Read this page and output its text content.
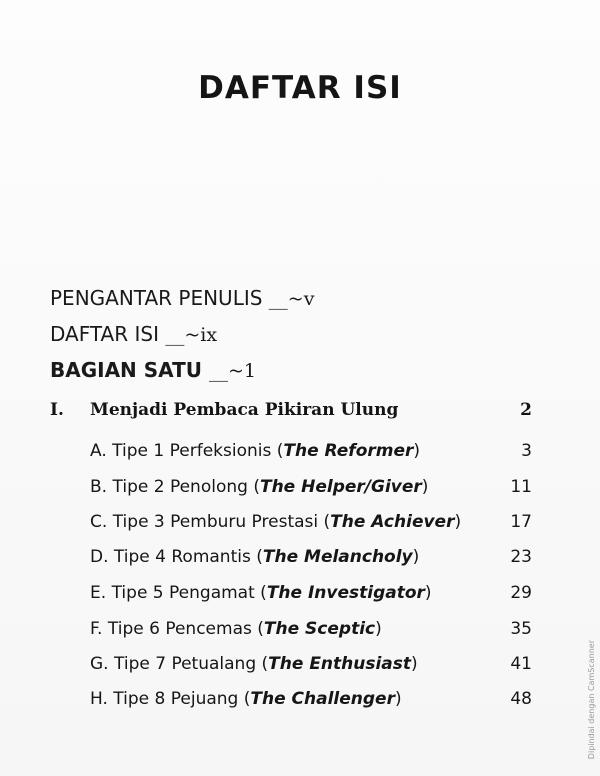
DAFTAR ISI
PENGANTAR PENULIS __~v
DAFTAR ISI __~ix
BAGIAN SATU __~1
I. Menjadi Pembaca Pikiran Ulung	2
A. Tipe 1 Perfeksionis (The Reformer)	3
B. Tipe 2 Penolong (The Helper/Giver)	11
C. Tipe 3 Pemburu Prestasi (The Achiever)	17
D. Tipe 4 Romantis (The Melancholy)	23
E. Tipe 5 Pengamat (The Investigator)	29
F. Tipe 6 Pencemas (The Sceptic)	35
G. Tipe 7 Petualang (The Enthusiast)	41
H. Tipe 8 Pejuang (The Challenger)	48	Dipindai dengan CamScanner
